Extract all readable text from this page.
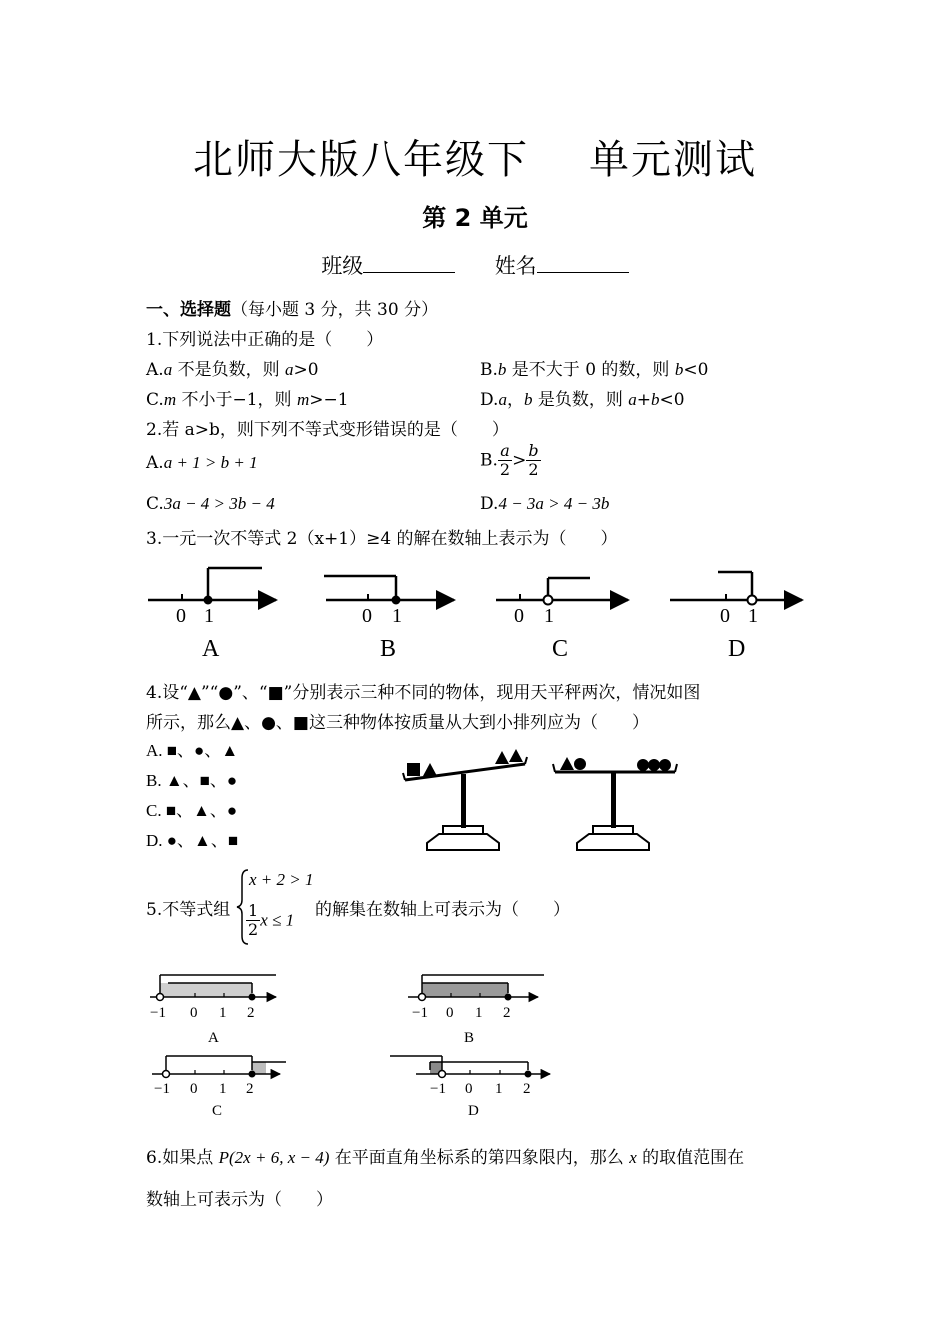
北师大版八年级下 单元测试
第 2 单元
班级	姓名
一、选择题（每小题 3 分，共 30 分）
1.下列说法中正确的是（　　）
A.a 不是负数，则 a>0	B.b 是不大于 0 的数，则 b<0
C.m 不小于−1，则 m>−1	D.a，b 是负数，则 a+b<0
2.若 a>b，则下列不等式变形错误的是（　　）
A.a + 1 > b + 1	B. $\frac{a}{2} > \frac{b}{2}$
C.3a − 4 > 3b − 4	D.4 − 3a > 4 − 3b
3.一元一次不等式 2（x+1）≥4 的解在数轴上表示为（　　）
0 1
A
0 1
B
0 1
C
0 1
D
4.设“▲”“●”、“■”分别表示三种不同的物体，现用天平秤两次，情况如图
所示，那么▲、●、■这三种物体按质量从大到小排列应为（　　）
A. ■、●、▲
B. ▲、■、●
C. ■、▲、●
D. ●、▲、■
5.不等式组
x + 2 > 1
$\frac{1}{2}$ x ≤ 1 的解集在数轴上可表示为（　　）
−1 0 1 2
A
−1 0 1 2
B
−1 0 1 2
C
−1 0 1 2
D
6.如果点 P(2x + 6, x − 4) 在平面直角坐标系的第四象限内，那么 x 的取值范围在
数轴上可表示为（　　）
